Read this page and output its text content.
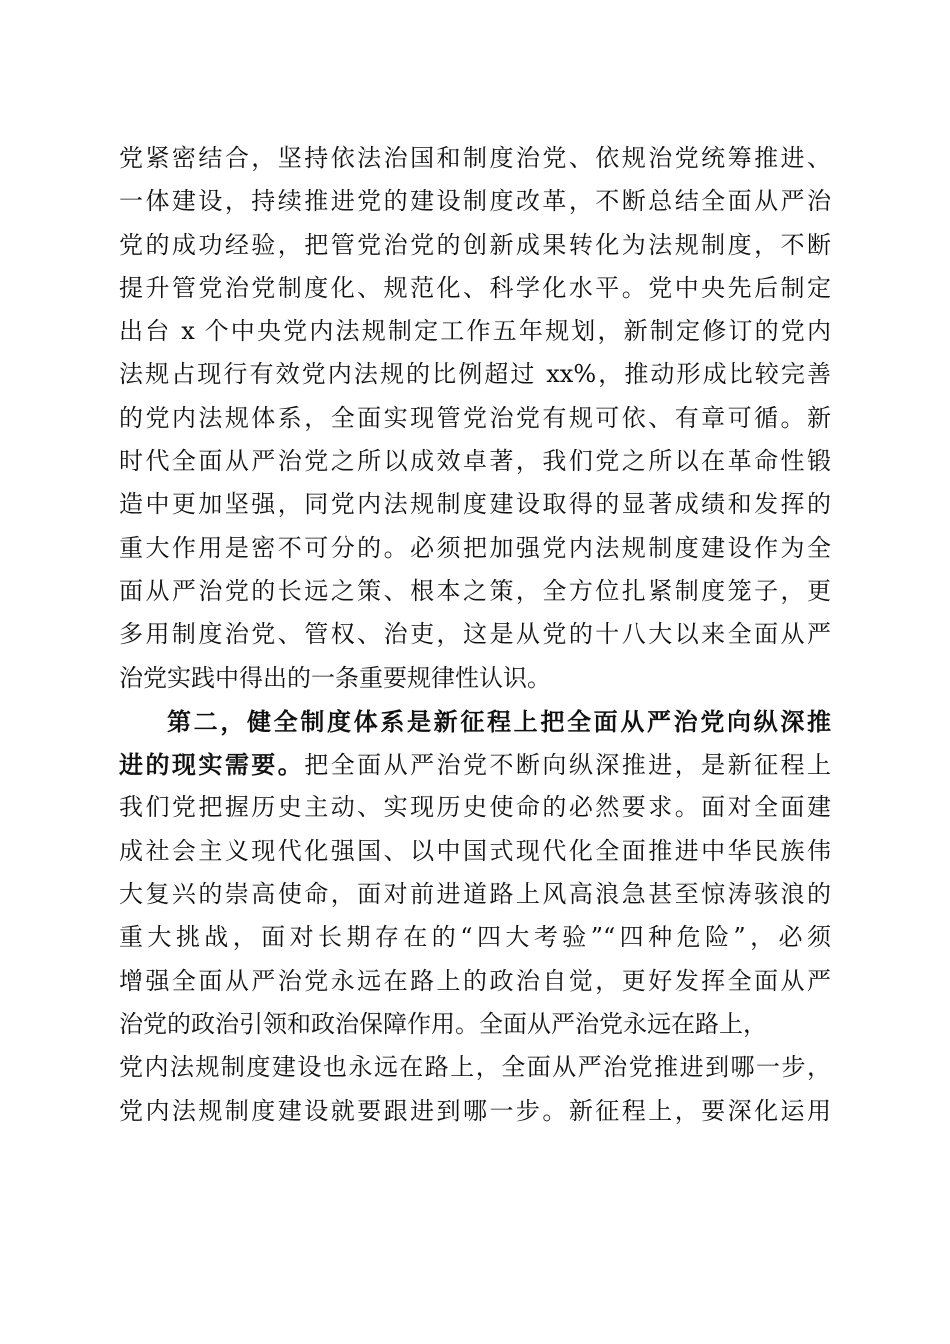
党紧密结合，坚持依法治国和制度治党、依规治党统筹推进、
一体建设，持续推进党的建设制度改革，不断总结全面从严治
党的成功经验，把管党治党的创新成果转化为法规制度，不断
提升管党治党制度化、规范化、科学化水平。党中央先后制定
出台 x 个中央党内法规制定工作五年规划，新制定修订的党内
法规占现行有效党内法规的比例超过 xx%，推动形成比较完善
的党内法规体系，全面实现管党治党有规可依、有章可循。新
时代全面从严治党之所以成效卓著，我们党之所以在革命性锻
造中更加坚强，同党内法规制度建设取得的显著成绩和发挥的
重大作用是密不可分的。必须把加强党内法规制度建设作为全
面从严治党的长远之策、根本之策，全方位扎紧制度笼子，更
多用制度治党、管权、治吏，这是从党的十八大以来全面从严
治党实践中得出的一条重要规律性认识。
第二，健全制度体系是新征程上把全面从严治党向纵深推
进的现实需要。把全面从严治党不断向纵深推进，是新征程上
我们党把握历史主动、实现历史使命的必然要求。面对全面建
成社会主义现代化强国、以中国式现代化全面推进中华民族伟
大复兴的崇高使命，面对前进道路上风高浪急甚至惊涛骇浪的
重大挑战，面对长期存在的“四大考验”“四种危险”，必须
增强全面从严治党永远在路上的政治自觉，更好发挥全面从严
治党的政治引领和政治保障作用。全面从严治党永远在路上，
党内法规制度建设也永远在路上，全面从严治党推进到哪一步，
党内法规制度建设就要跟进到哪一步。新征程上，要深化运用
